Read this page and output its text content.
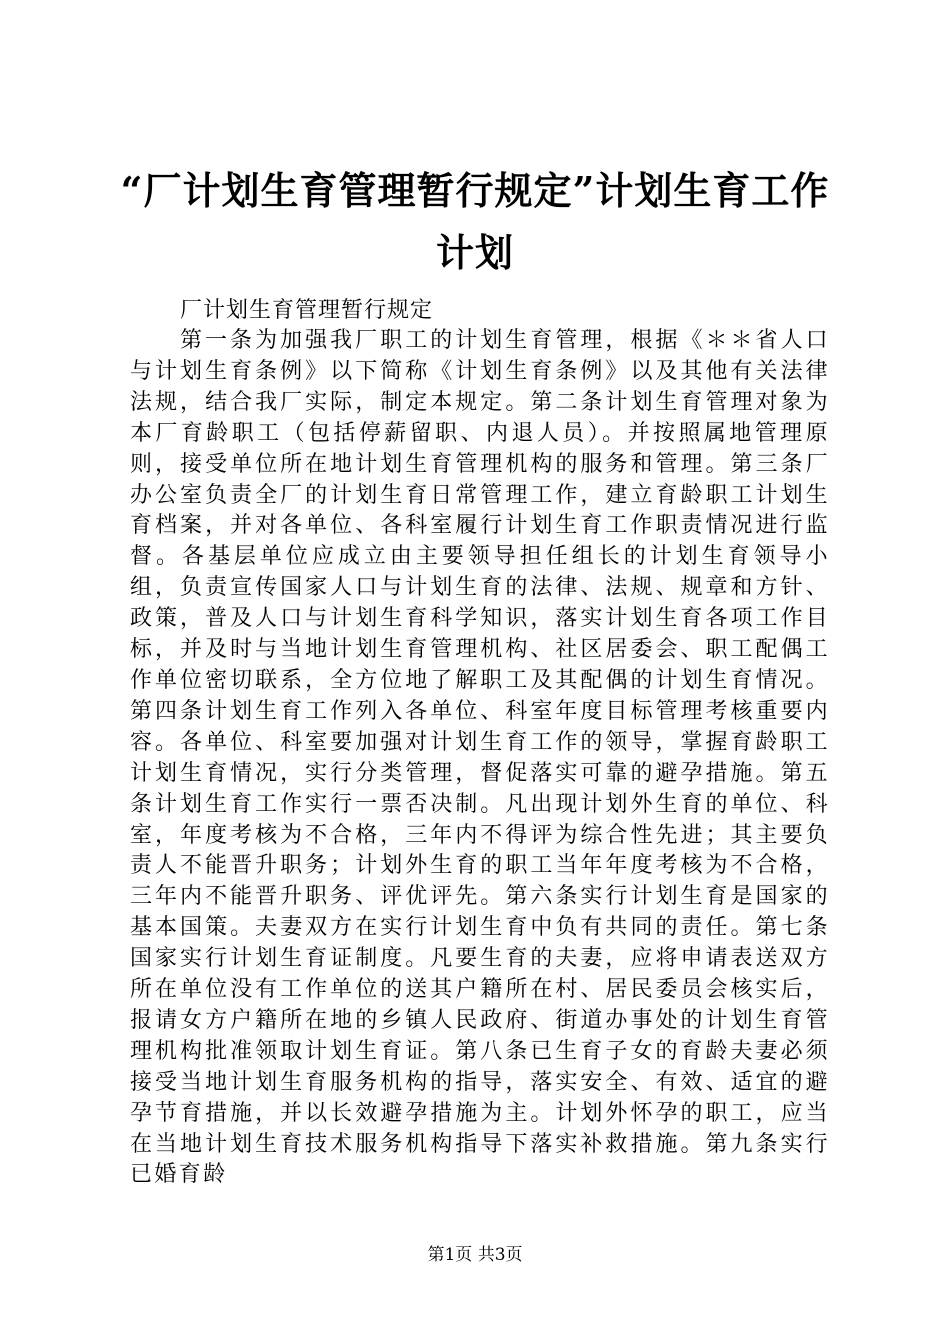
“厂计划生育管理暂行规定”计划生育工作计划
厂计划生育管理暂行规定

第一条为加强我厂职工的计划生育管理，根据《＊＊省人口与计划生育条例》以下简称《计划生育条例》以及其他有关法律法规，结合我厂实际，制定本规定。第二条计划生育管理对象为本厂育龄职工（包括停薪留职、内退人员）。并按照属地管理原则，接受单位所在地计划生育管理机构的服务和管理。第三条厂办公室负责全厂的计划生育日常管理工作，建立育龄职工计划生育档案，并对各单位、各科室履行计划生育工作职责情况进行监督。各基层单位应成立由主要领导担任组长的计划生育领导小组，负责宣传国家人口与计划生育的法律、法规、规章和方针、政策，普及人口与计划生育科学知识，落实计划生育各项工作目标，并及时与当地计划生育管理机构、社区居委会、职工配偶工作单位密切联系，全方位地了解职工及其配偶的计划生育情况。第四条计划生育工作列入各单位、科室年度目标管理考核重要内容。各单位、科室要加强对计划生育工作的领导，掌握育龄职工计划生育情况，实行分类管理，督促落实可靠的避孕措施。第五条计划生育工作实行一票否决制。凡出现计划外生育的单位、科室，年度考核为不合格，三年内不得评为综合性先进；其主要负责人不能晋升职务；计划外生育的职工当年年度考核为不合格，三年内不能晋升职务、评优评先。第六条实行计划生育是国家的基本国策。夫妻双方在实行计划生育中负有共同的责任。第七条国家实行计划生育证制度。凡要生育的夫妻，应将申请表送双方所在单位没有工作单位的送其户籍所在村、居民委员会核实后，报请女方户籍所在地的乡镇人民政府、街道办事处的计划生育管理机构批准领取计划生育证。第八条已生育子女的育龄夫妻必须接受当地计划生育服务机构的指导，落实安全、有效、适宜的避孕节育措施，并以长效避孕措施为主。计划外怀孕的职工，应当在当地计划生育技术服务机构指导下落实补救措施。第九条实行已婚育龄

第1页 共3页
